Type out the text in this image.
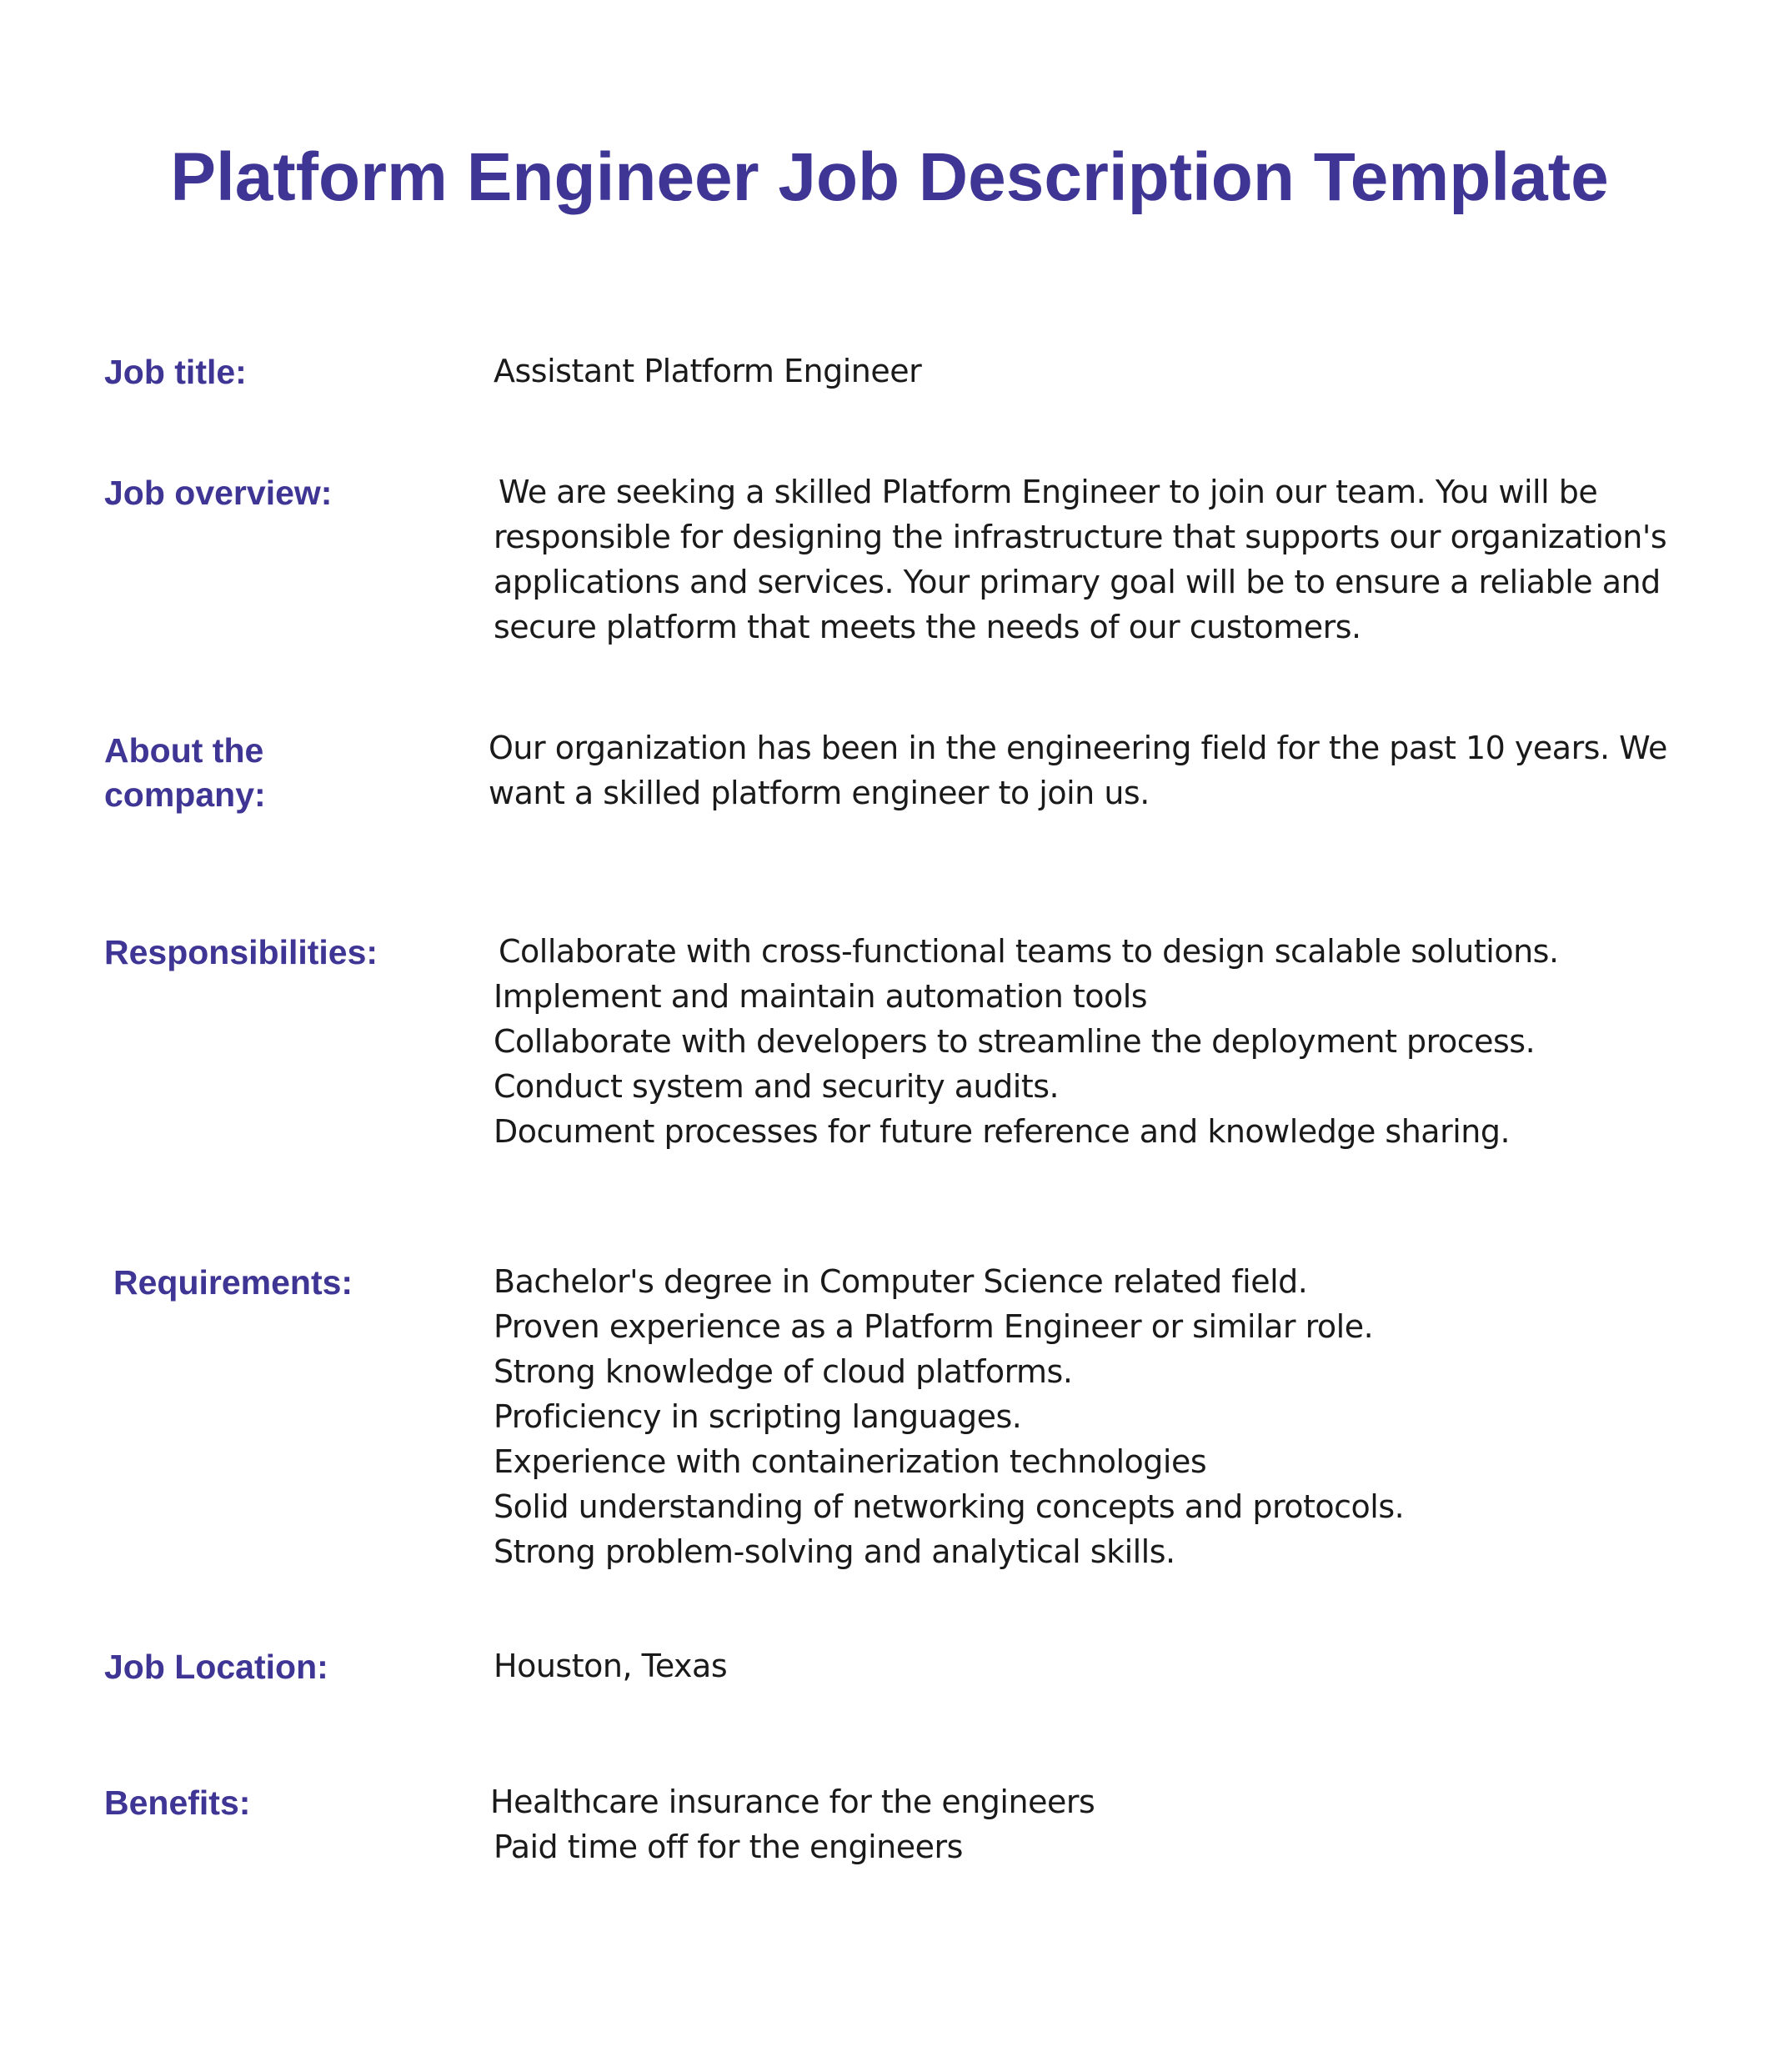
Platform Engineer Job Description Template
Job title:	Assistant Platform Engineer
Job overview:	We are seeking a skilled Platform Engineer to join our team. You will be
responsible for designing the infrastructure that supports our organization's
applications and services. Your primary goal will be to ensure a reliable and
secure platform that meets the needs of our customers.
About the
company:
Our organization has been in the engineering field for the past 10 years. We
want a skilled platform engineer to join us.
Responsibilities:	Collaborate with cross-functional teams to design scalable solutions.
Implement and maintain automation tools
Collaborate with developers to streamline the deployment process.
Conduct system and security audits.
Document processes for future reference and knowledge sharing.
Requirements:	Bachelor's degree in Computer Science related field.
Proven experience as a Platform Engineer or similar role.
Strong knowledge of cloud platforms.
Proficiency in scripting languages.
Experience with containerization technologies
Solid understanding of networking concepts and protocols.
Strong problem-solving and analytical skills.
Job Location:	Houston, Texas
Benefits:	Healthcare insurance for the engineers
Paid time off for the engineers
